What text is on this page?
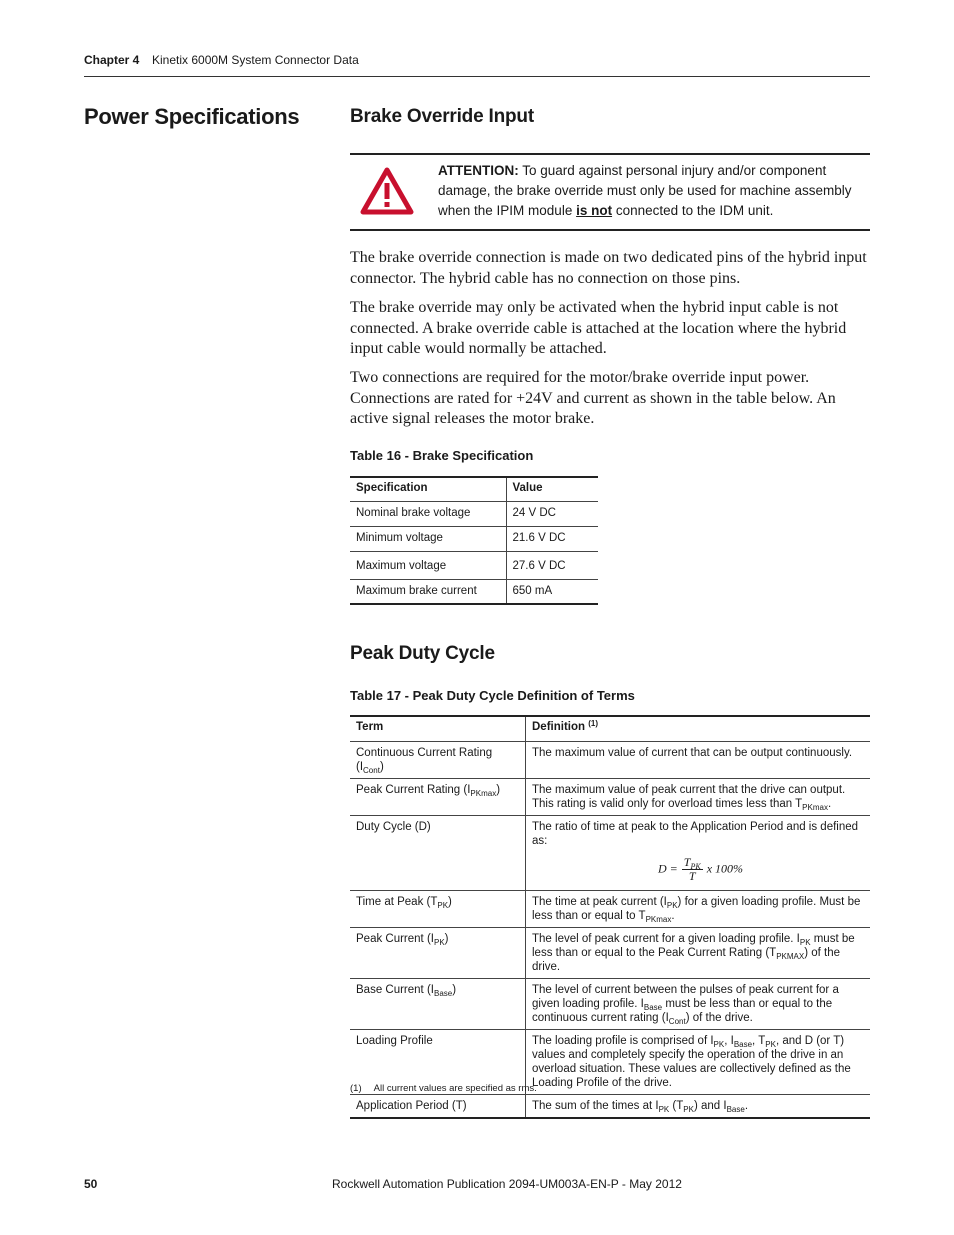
Chapter 4 Kinetix 6000M System Connector Data
Power Specifications	Brake Override Input
ATTENTION: To guard against personal injury and/or component damage, the brake override must only be used for machine assembly when the IPIM module is not connected to the IDM unit.

The brake override connection is made on two dedicated pins of the hybrid input connector. The hybrid cable has no connection on those pins.

The brake override may only be activated when the hybrid input cable is not connected. A brake override cable is attached at the location where the hybrid input cable would normally be attached.

Two connections are required for the motor/brake override input power. Connections are rated for +24V and current as shown in the table below. An active signal releases the motor brake.

Table 16 - Brake Specification
Specification	Value
Nominal brake voltage	24 V DC
Minimum voltage	21.6 V DC
Maximum voltage	27.6 V DC
Maximum brake current	650 mA
Peak Duty Cycle
Table 17 - Peak Duty Cycle Definition of Terms
Term	Definition $^{(1)}$
Continuous Current Rating $(I_{Cont})$	The maximum value of current that can be output continuously.
Peak Current Rating $(I_{PKmax})$	The maximum value of peak current that the drive can output. This rating is valid only for overload times less than $T_{PKmax}$.
Duty Cycle (D)	The ratio of time at peak to the Application Period and is defined as:
$D = \frac{T_{PK}}{T}$ x 100%

Time at Peak $(T_{PK})$	The time at peak current $(I_{PK})$ for a given loading profile. Must be less than or equal to $T_{PKmax}$.
Peak Current $(I_{PK})$	The level of peak current for a given loading profile. $I_{PK}$ must be less than or equal to the Peak Current Rating $(T_{PKMAX})$ of the drive.
Base Current $(I_{Base})$	The level of current between the pulses of peak current for a given loading profile. $I_{Base}$ must be less than or equal to the continuous current rating $(I_{Cont})$ of the drive.
Loading Profile	The loading profile is comprised of $I_{PK}$, $I_{Base}$, $T_{PK}$, and D (or T) values and completely specify the operation of the drive in an overload situation. These values are collectively defined as the Loading Profile of the drive.
Application Period (T)	The sum of the times at $I_{PK}$ $(T_{PK})$ and $I_{Base}$.
(1) All current values are specified as rms.
50	Rockwell Automation Publication 2094-UM003A-EN-P - May 2012
